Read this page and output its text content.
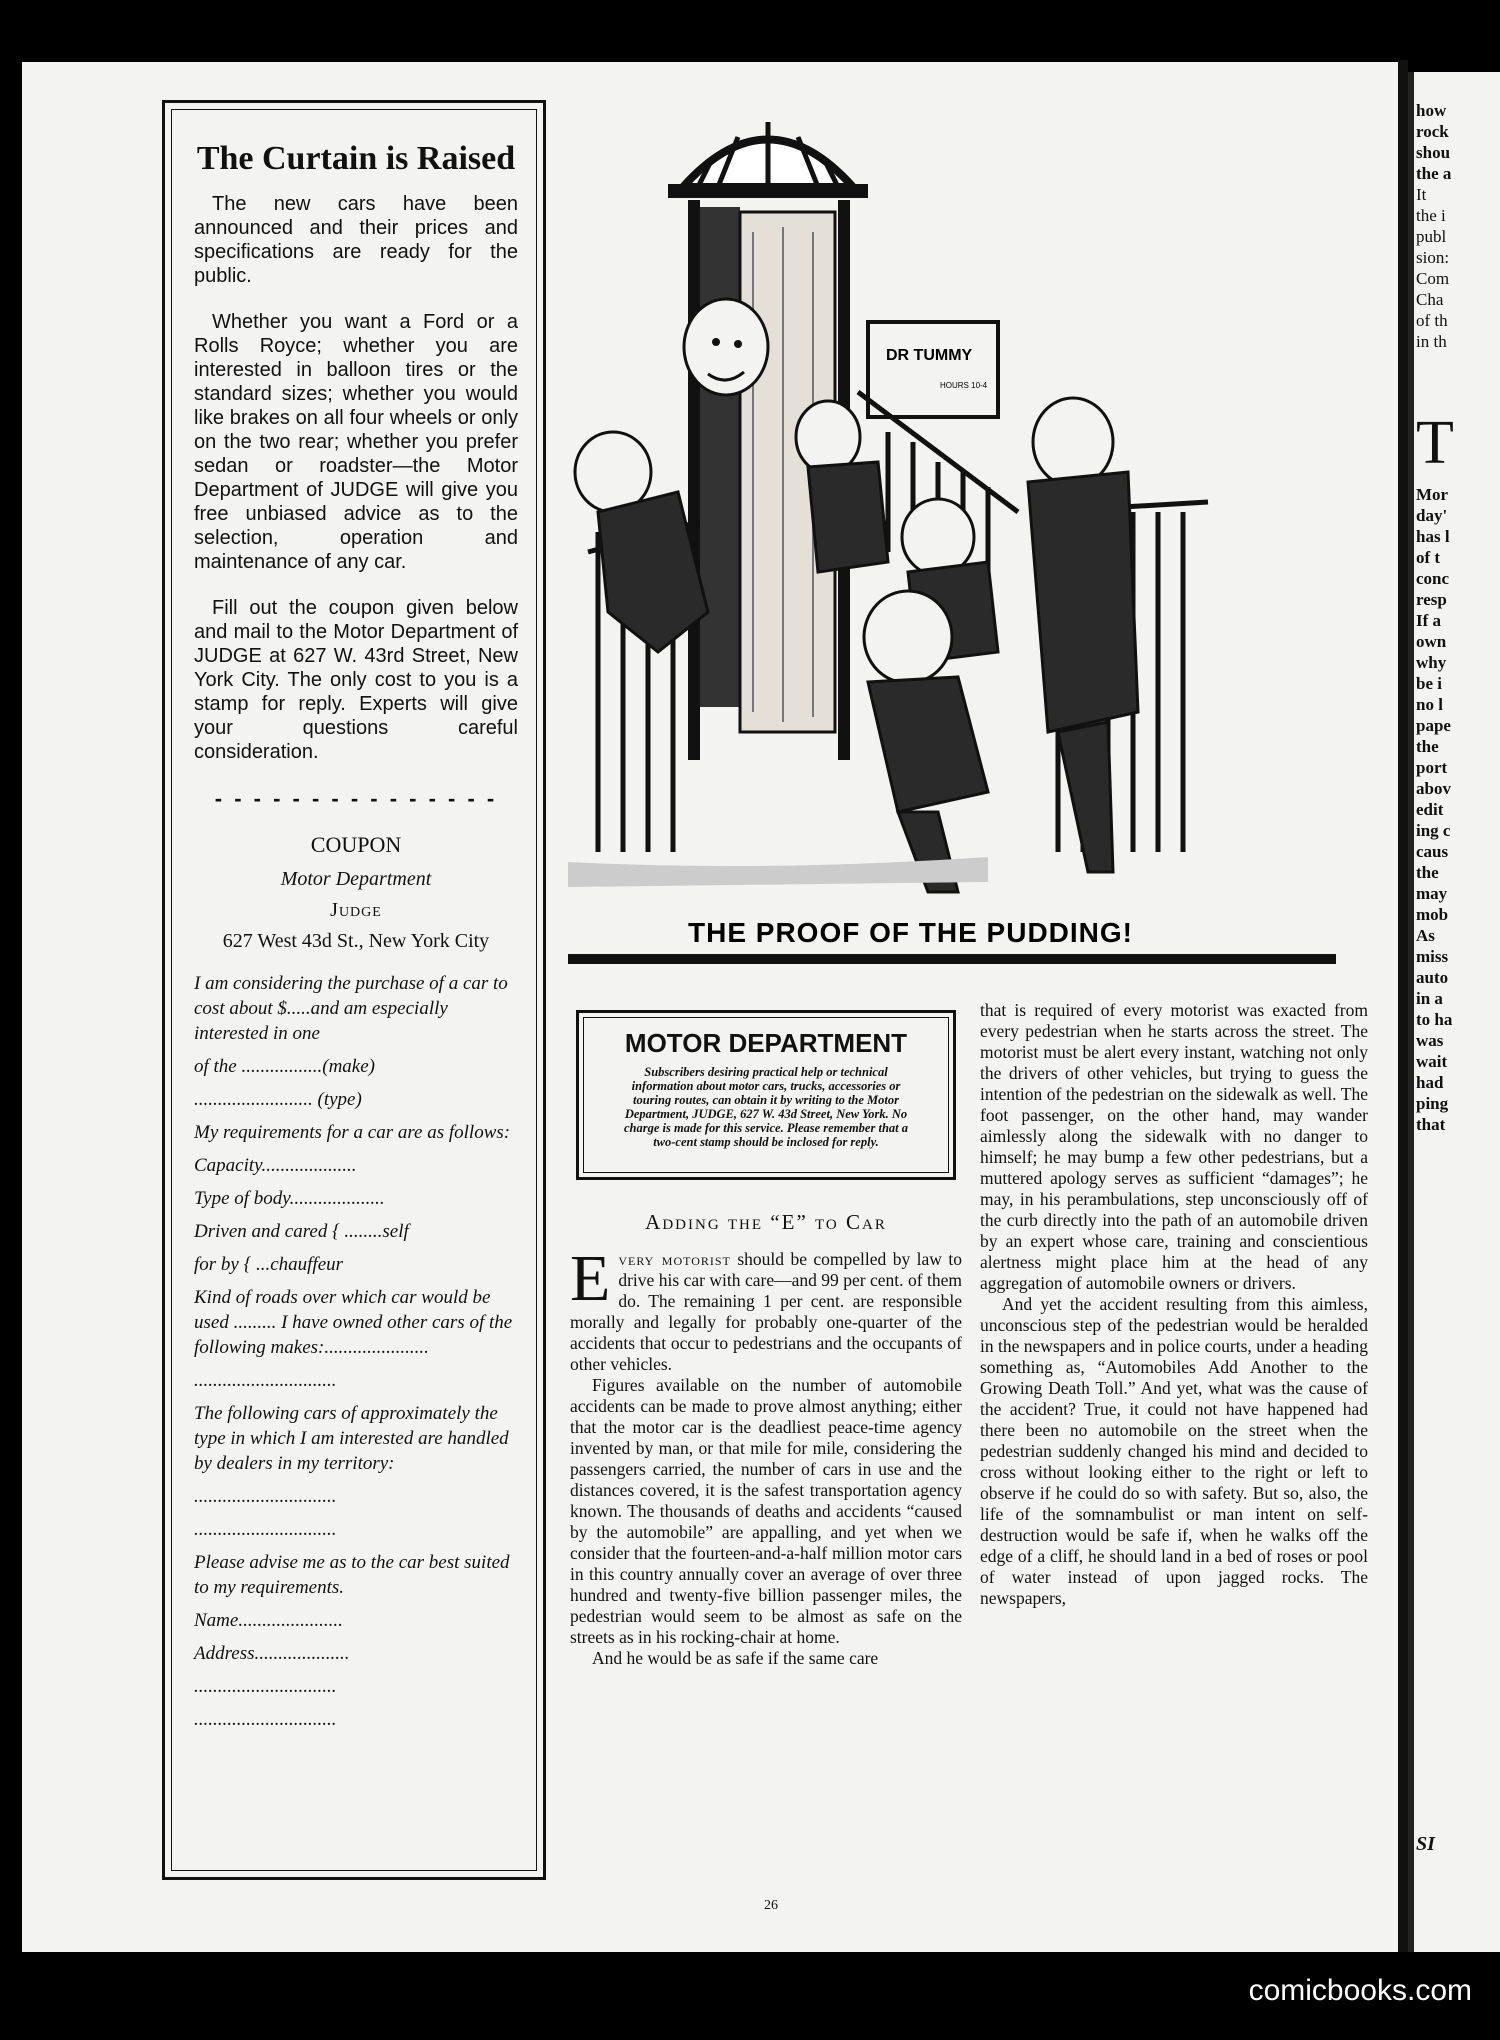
The Curtain is Raised

The new cars have been announced and their prices and specifications are ready for the public.

Whether you want a Ford or a Rolls Royce; whether you are interested in balloon tires or the standard sizes; whether you would like brakes on all four wheels or only on the two rear; whether you prefer sedan or roadster—the Motor Department of JUDGE will give you free unbiased advice as to the selection, operation and maintenance of any car.

Fill out the coupon given below and mail to the Motor Department of JUDGE at 627 W. 43rd Street, New York City. The only cost to you is a stamp for reply. Experts will give your questions careful consideration.

- - - - - - - - - - - - - - -
COUPON
Motor Department
Judge
627 West 43d St., New York City
I am considering the purchase of a car to cost about $.....and am especially interested in one
of the .................(make)
......................... (type)
My requirements for a car are as follows:
Capacity....................
Type of body....................
Driven and cared { ........self
for by { ...chauffeur
Kind of roads over which car would be used ......... I have owned other cars of the following makes:......................
..............................
The following cars of approximately the type in which I am interested are handled by dealers in my territory:
..............................
..............................
Please advise me as to the car best suited to my requirements.
Name......................
Address....................
..............................
..............................
DR TUMMY
HOURS 10-4
THE PROOF OF THE PUDDING!
MOTOR DEPARTMENT
Subscribers desiring practical help or technical information about motor cars, trucks, accessories or touring routes, can obtain it by writing to the Motor Department, JUDGE, 627 W. 43d Street, New York. No charge is made for this service. Please remember that a two-cent stamp should be inclosed for reply.
Adding the “E” to Car

Every motorist should be compelled by law to drive his car with care—and 99 per cent. of them do. The remaining 1 per cent. are responsible morally and legally for probably one-quarter of the accidents that occur to pedestrians and the occupants of other vehicles.

Figures available on the number of automobile accidents can be made to prove almost anything; either that the motor car is the deadliest peace-time agency invented by man, or that mile for mile, considering the passengers carried, the number of cars in use and the distances covered, it is the safest transportation agency known. The thousands of deaths and accidents “caused by the automobile” are appalling, and yet when we consider that the fourteen-and-a-half million motor cars in this country annually cover an average of over three hundred and twenty-five billion passenger miles, the pedestrian would seem to be almost as safe on the streets as in his rocking-chair at home.

And he would be as safe if the same care

that is required of every motorist was exacted from every pedestrian when he starts across the street. The motorist must be alert every instant, watching not only the drivers of other vehicles, but trying to guess the intention of the pedestrian on the sidewalk as well. The foot passenger, on the other hand, may wander aimlessly along the sidewalk with no danger to himself; he may bump a few other pedestrians, but a muttered apology serves as sufficient “damages”; he may, in his perambulations, step unconsciously off of the curb directly into the path of an automobile driven by an expert whose care, training and conscientious alertness might place him at the head of any aggregation of automobile owners or drivers.

And yet the accident resulting from this aimless, unconscious step of the pedestrian would be heralded in the newspapers and in police courts, under a heading something as, “Automobiles Add Another to the Growing Death Toll.” And yet, what was the cause of the accident? True, it could not have happened had there been no automobile on the street when the pedestrian suddenly changed his mind and decided to cross without looking either to the right or left to observe if he could do so with safety. But so, also, the life of the somnambulist or man intent on self-destruction would be safe if, when he walks off the edge of a cliff, he should land in a bed of roses or pool of water instead of upon jagged rocks. The newspapers,

26
how
rock
shou
the a
It
the i
publ
sion:
Com
Cha
of th
in th
T
Mor
day'
has l
of t
conc
resp
If a
own
why
be i
no l
pape
the
port
abov
edit
ing c
caus
the
may
mob
As
miss
auto
in a
to ha
was
wait
had
ping
that
SI
comicbooks.com
